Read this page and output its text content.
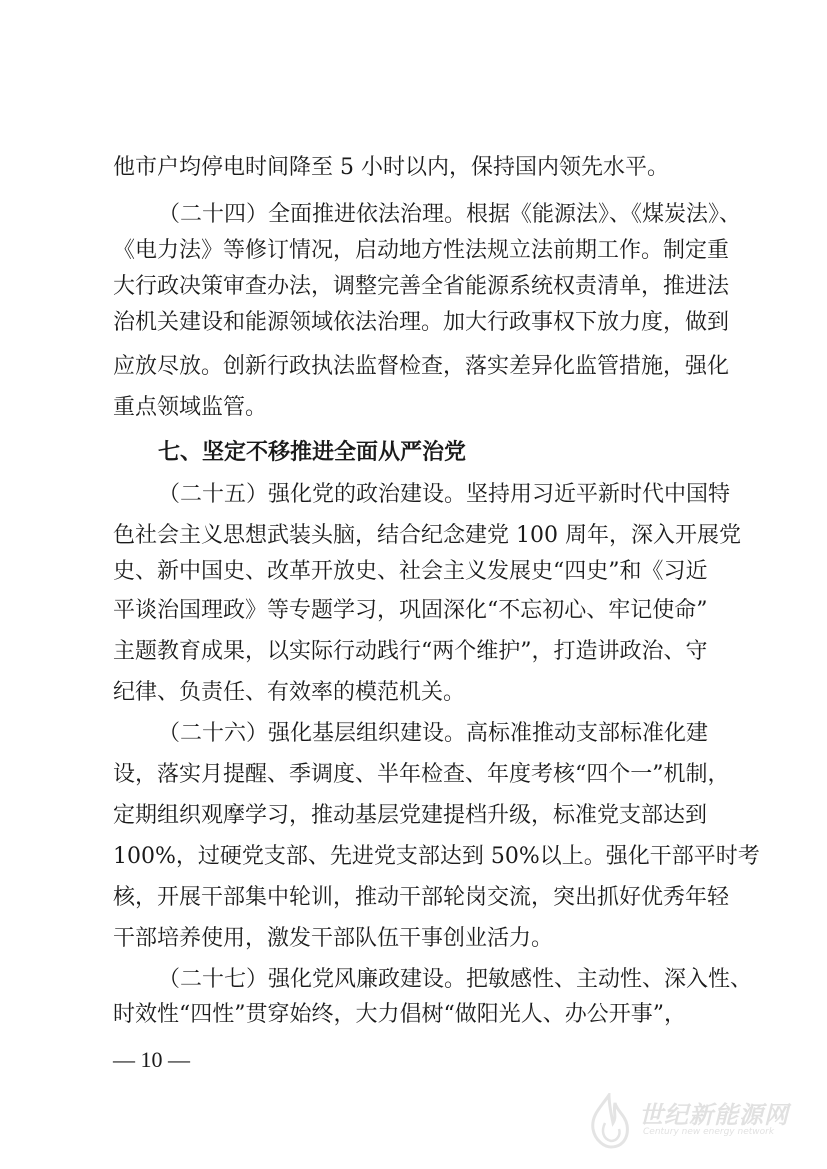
他市户均停电时间降至 5 小时以内，保持国内领先水平。
（二十四）全面推进依法治理。根据《能源法》、《煤炭法》、
《电力法》等修订情况，启动地方性法规立法前期工作。制定重
大行政决策审查办法，调整完善全省能源系统权责清单，推进法
治机关建设和能源领域依法治理。加大行政事权下放力度，做到
应放尽放。创新行政执法监督检查，落实差异化监管措施，强化
重点领域监管。
七、坚定不移推进全面从严治党
（二十五）强化党的政治建设。坚持用习近平新时代中国特
色社会主义思想武装头脑，结合纪念建党 100 周年，深入开展党
史、新中国史、改革开放史、社会主义发展史“四史”和《习近
平谈治国理政》等专题学习，巩固深化“不忘初心、牢记使命”
主题教育成果，以实际行动践行“两个维护”，打造讲政治、守
纪律、负责任、有效率的模范机关。
（二十六）强化基层组织建设。高标准推动支部标准化建
设，落实月提醒、季调度、半年检查、年度考核“四个一”机制，
定期组织观摩学习，推动基层党建提档升级，标准党支部达到
100%，过硬党支部、先进党支部达到 50%以上。强化干部平时考
核，开展干部集中轮训，推动干部轮岗交流，突出抓好优秀年轻
干部培养使用，激发干部队伍干事创业活力。
（二十七）强化党风廉政建设。把敏感性、主动性、深入性、
时效性“四性”贯穿始终，大力倡树“做阳光人、办公开事”，
— 10 —
世纪新能源网
Century new energy network
